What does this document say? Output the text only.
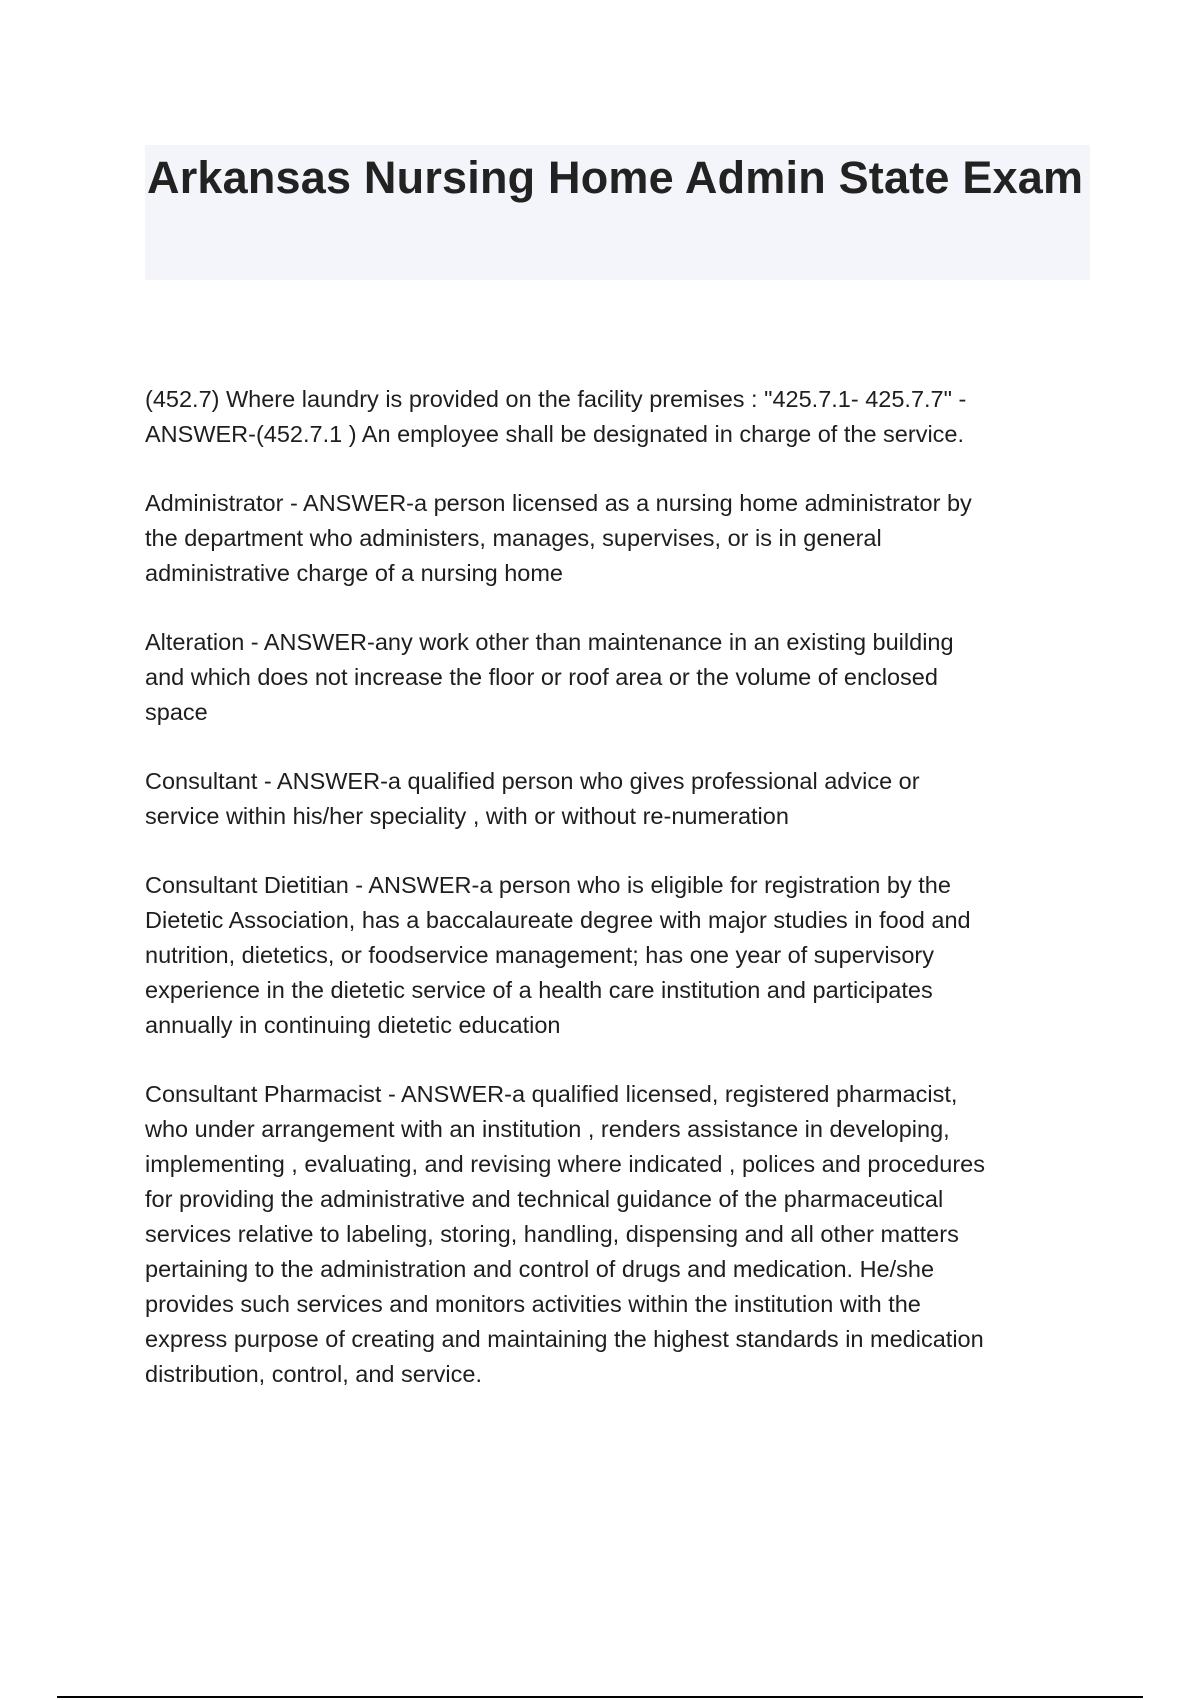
Arkansas Nursing Home Admin State Exam

(452.7) Where laundry is provided on the facility premises : "425.7.1- 425.7.7" -
ANSWER-(452.7.1 ) An employee shall be designated in charge of the service.

Administrator - ANSWER-a person licensed as a nursing home administrator by
the department who administers, manages, supervises, or is in general
administrative charge of a nursing home

Alteration - ANSWER-any work other than maintenance in an existing building
and which does not increase the floor or roof area or the volume of enclosed
space

Consultant - ANSWER-a qualified person who gives professional advice or
service within his/her speciality , with or without re-numeration

Consultant Dietitian - ANSWER-a person who is eligible for registration by the
Dietetic Association, has a baccalaureate degree with major studies in food and
nutrition, dietetics, or foodservice management; has one year of supervisory
experience in the dietetic service of a health care institution and participates
annually in continuing dietetic education

Consultant Pharmacist - ANSWER-a qualified licensed, registered pharmacist,
who under arrangement with an institution , renders assistance in developing,
implementing , evaluating, and revising where indicated , polices and procedures
for providing the administrative and technical guidance of the pharmaceutical
services relative to labeling, storing, handling, dispensing and all other matters
pertaining to the administration and control of drugs and medication. He/she
provides such services and monitors activities within the institution with the
express purpose of creating and maintaining the highest standards in medication
distribution, control, and service.
